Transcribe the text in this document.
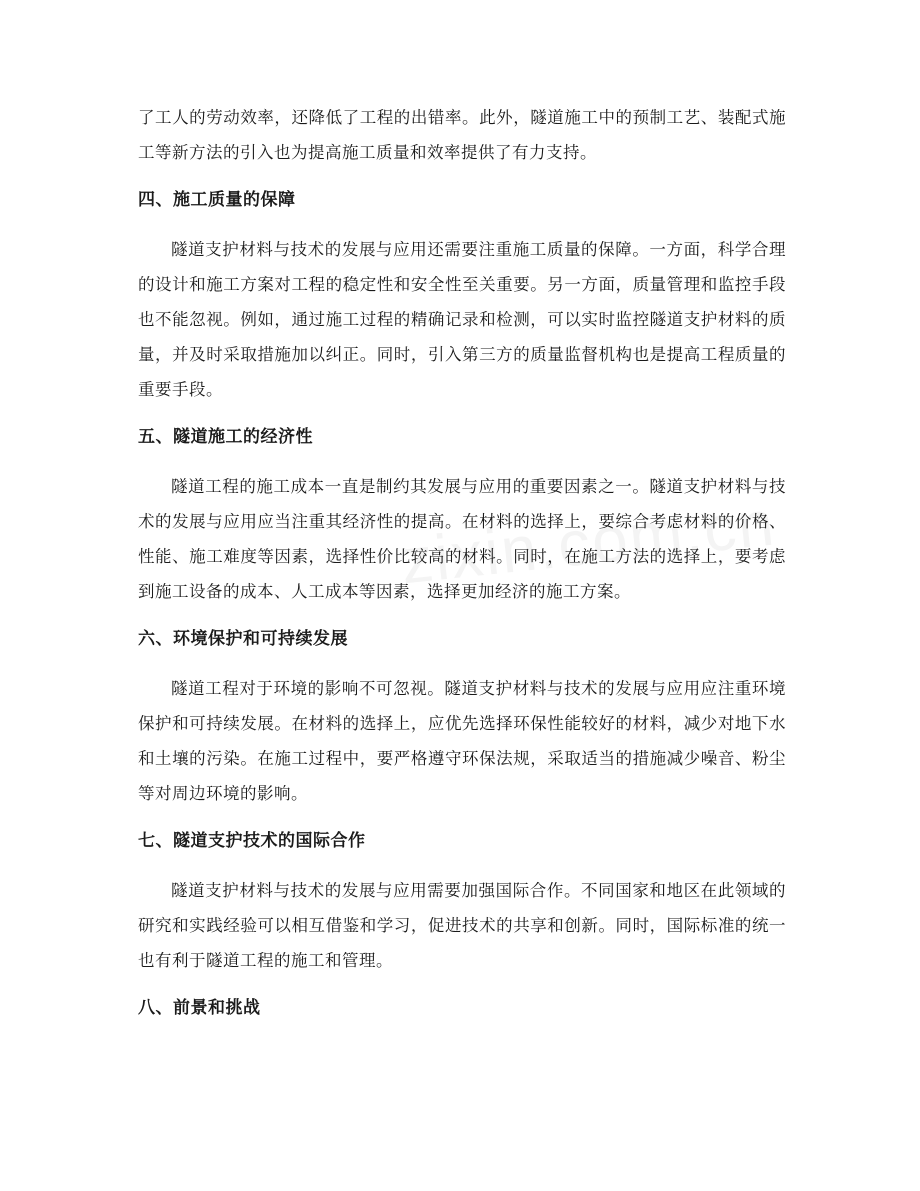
了工人的劳动效率，还降低了工程的出错率。此外，隧道施工中的预制工艺、装配式施工等新方法的引入也为提高施工质量和效率提供了有力支持。

四、施工质量的保障

隧道支护材料与技术的发展与应用还需要注重施工质量的保障。一方面，科学合理的设计和施工方案对工程的稳定性和安全性至关重要。另一方面，质量管理和监控手段也不能忽视。例如，通过施工过程的精确记录和检测，可以实时监控隧道支护材料的质量，并及时采取措施加以纠正。同时，引入第三方的质量监督机构也是提高工程质量的重要手段。

五、隧道施工的经济性

隧道工程的施工成本一直是制约其发展与应用的重要因素之一。隧道支护材料与技术的发展与应用应当注重其经济性的提高。在材料的选择上，要综合考虑材料的价格、性能、施工难度等因素，选择性价比较高的材料。同时，在施工方法的选择上，要考虑到施工设备的成本、人工成本等因素，选择更加经济的施工方案。

六、环境保护和可持续发展

隧道工程对于环境的影响不可忽视。隧道支护材料与技术的发展与应用应注重环境保护和可持续发展。在材料的选择上，应优先选择环保性能较好的材料，减少对地下水和土壤的污染。在施工过程中，要严格遵守环保法规，采取适当的措施减少噪音、粉尘等对周边环境的影响。

七、隧道支护技术的国际合作

隧道支护材料与技术的发展与应用需要加强国际合作。不同国家和地区在此领域的研究和实践经验可以相互借鉴和学习，促进技术的共享和创新。同时，国际标准的统一也有利于隧道工程的施工和管理。

八、前景和挑战
